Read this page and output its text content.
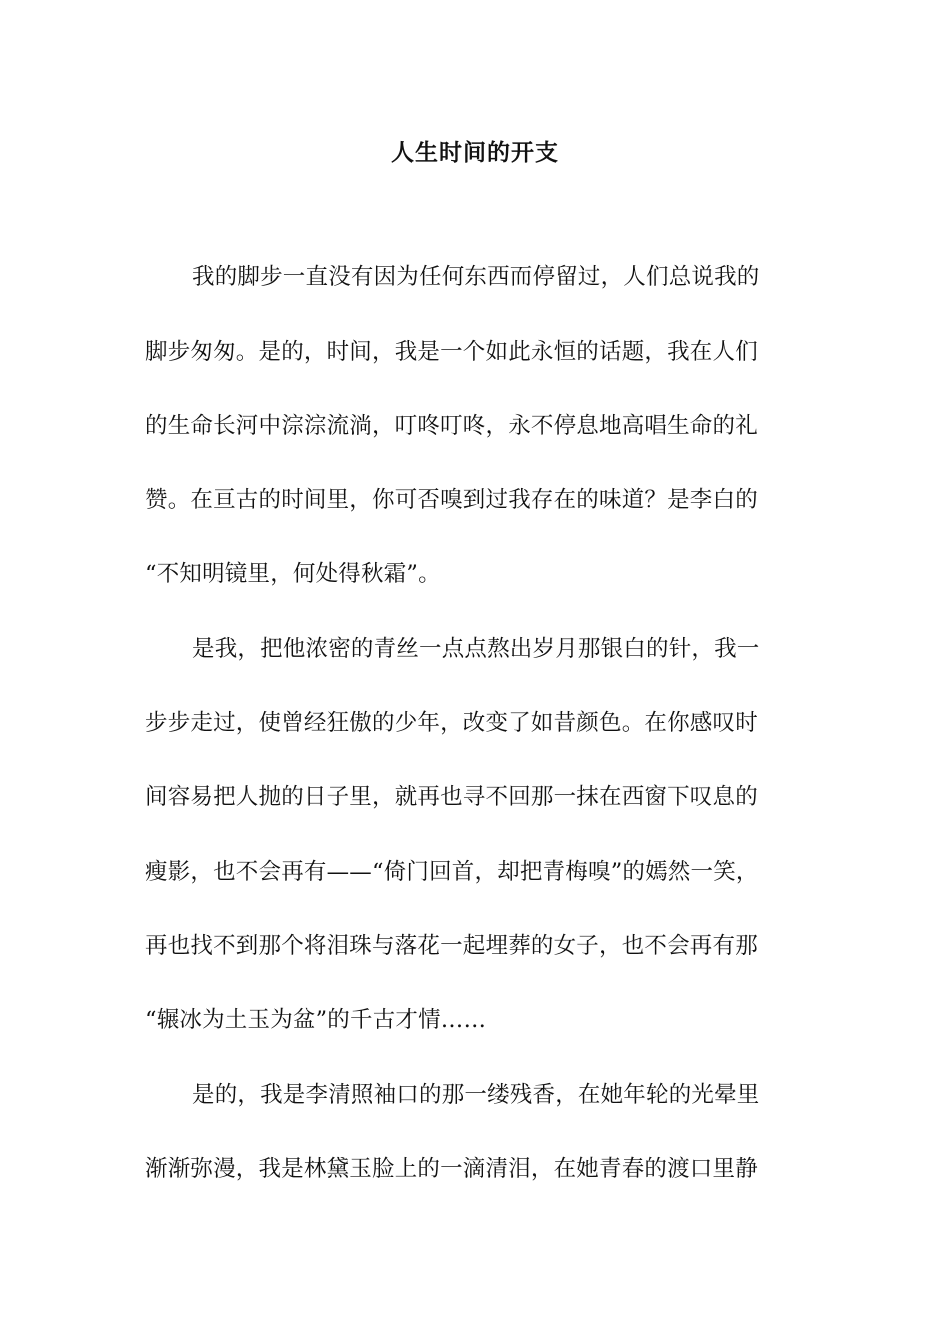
人生时间的开支
我的脚步一直没有因为任何东西而停留过，人们总说我的
脚步匆匆。是的，时间，我是一个如此永恒的话题，我在人们
的生命长河中淙淙流淌，叮咚叮咚，永不停息地高唱生命的礼
赞。在亘古的时间里，你可否嗅到过我存在的味道？是李白的
“不知明镜里，何处得秋霜”。
是我，把他浓密的青丝一点点熬出岁月那银白的针，我一
步步走过，使曾经狂傲的少年，改变了如昔颜色。在你感叹时
间容易把人抛的日子里，就再也寻不回那一抹在西窗下叹息的
瘦影，也不会再有——“倚门回首，却把青梅嗅”的嫣然一笑，
再也找不到那个将泪珠与落花一起埋葬的女子，也不会再有那
“辗冰为土玉为盆”的千古才情……
是的，我是李清照袖口的那一缕残香，在她年轮的光晕里
渐渐弥漫，我是林黛玉脸上的一滴清泪，在她青春的渡口里静
